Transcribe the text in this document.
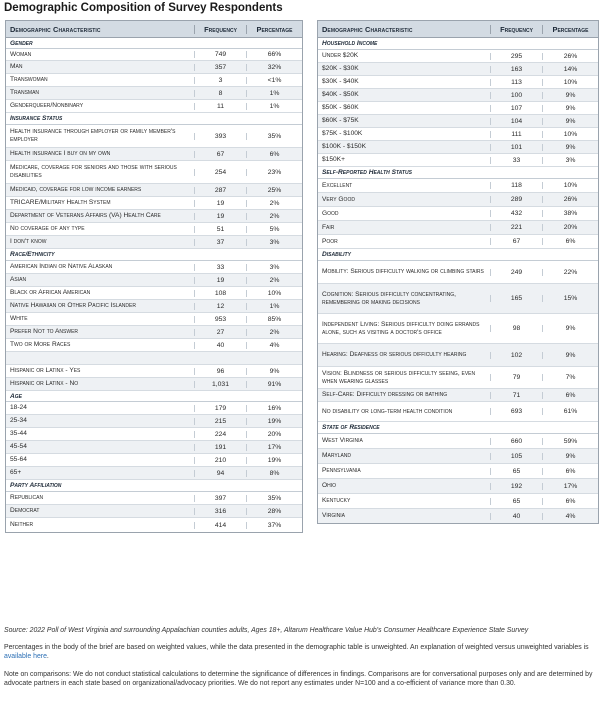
Demographic Composition of Survey Respondents
Demographic Characteristic	Frequency	Percentage
Gender
Woman	749	66%
Man	357	32%
Transwoman	3	<1%
Transman	8	1%
Genderqueer/Nonbinary	11	1%
Insurance Status
Health insurance through employer or family member's employer	393	35%
Health insurance I buy on my own	67	6%
Medicare, coverage for seniors and those with serious disabilities	254	23%
Medicaid, coverage for low income earners	287	25%
TRICARE/Military Health System	19	2%
Department of Veterans Affairs (VA) Health Care	19	2%
No coverage of any type	51	5%
I don't know	37	3%
Race/Ethnicity
American Indian or Native Alaskan	33	3%
Asian	19	2%
Black or African American	108	10%
Native Hawaiian or Other Pacific Islander	12	1%
White	953	85%
Prefer Not to Answer	27	2%
Two or More Races	40	4%
Hispanic or Latinx - Yes	96	9%
Hispanic or Latinx - No	1,031	91%
Age
18-24	179	16%
25-34	215	19%
35-44	224	20%
45-54	191	17%
55-64	210	19%
65+	94	8%
Party Affiliation
Republican	397	35%
Democrat	316	28%
Neither	414	37%
Demographic Characteristic	Frequency	Percentage
Household Income
Under $20K	295	26%
$20K - $30K	163	14%
$30K - $40K	113	10%
$40K - $50K	100	9%
$50K - $60K	107	9%
$60K - $75K	104	9%
$75K - $100K	111	10%
$100K - $150K	101	9%
$150K+	33	3%
Self-Reported Health Status
Excellent	118	10%
Very Good	289	26%
Good	432	38%
Fair	221	20%
Poor	67	6%
Disability
Mobility: Serious difficulty walking or climbing stairs	249	22%
Cognition: Serious difficulty concentrating, remembering or making decisions	165	15%
Independent Living: Serious difficulty doing errands alone, such as visiting a doctor's office	98	9%
Hearing: Deafness or serious difficulty hearing	102	9%
Vision: Blindness or serious difficulty seeing, even when wearing glasses	79	7%
Self-Care: Difficulty dressing or bathing	71	6%
No disability or long-term health condition	693	61%
State of Residence
West Virginia	660	59%
Maryland	105	9%
Pennsylvania	65	6%
Ohio	192	17%
Kentucky	65	6%
Virginia	40	4%
Source: 2022 Poll of West Virginia and surrounding Appalachian counties adults, Ages 18+, Altarum Healthcare Value Hub's Consumer Healthcare Experience State Survey
Percentages in the body of the brief are based on weighted values, while the data presented in the demographic table is unweighted. An explanation of weighted versus unweighted variables is available here.
Note on comparisons: We do not conduct statistical calculations to determine the significance of differences in findings. Comparisons are for conversational purposes only and are determined by advocate partners in each state based on organizational/advocacy priorities. We do not report any estimates under N=100 and a co-efficient of variance more than 0.30.
